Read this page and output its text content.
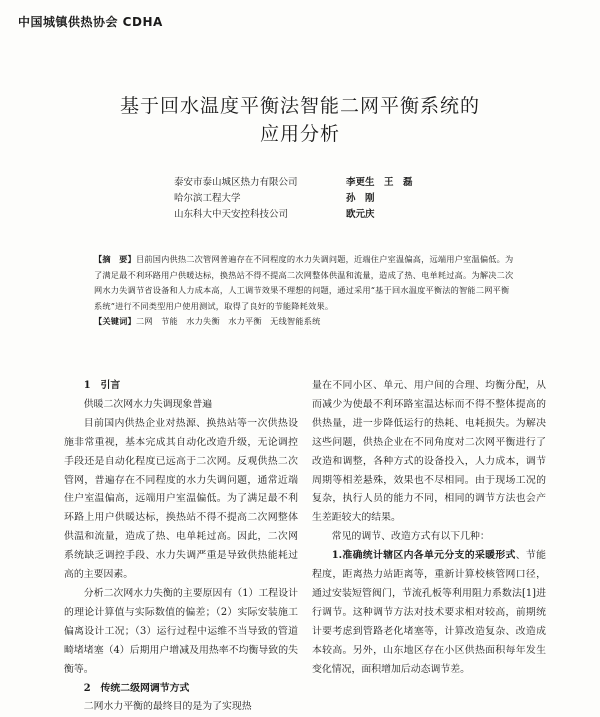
中国城镇供热协会 CDHA
基于回水温度平衡法智能二网平衡系统的
应用分析
泰安市泰山城区热力有限公司	李更生　王　磊
哈尔滨工程大学	孙　刚
山东科大中天安控科技公司	欧元庆
【摘　要】目前国内供热二次管网普遍存在不同程度的水力失调问题，近端住户室温偏高，远端用户室温偏低。为了满足最不利环路用户供暖达标，换热站不得不提高二次网整体供温和流量，造成了热、电单耗过高。为解决二次网水力失调节省设备和人力成本高，人工调节效果不理想的问题，通过采用“基于回水温度平衡法的智能二网平衡系统”进行不同类型用户使用测试，取得了良好的节能降耗效果。
【关键词】二网　节能　水力失衡　水力平衡　无线智能系统

1　引言

供暖二次网水力失调现象普遍

目前国内供热企业对热源、换热站等一次供热设施非常重视，基本完成其自动化改造升级，无论调控手段还是自动化程度已远高于二次网。反观供热二次管网，普遍存在不同程度的水力失调问题，通常近端住户室温偏高，远端用户室温偏低。为了满足最不利环路上用户供暖达标，换热站不得不提高二次网整体供温和流量，造成了热、电单耗过高。因此，二次网系统缺乏调控手段、水力失调严重是导致供热能耗过高的主要因素。

分析二次网水力失衡的主要原因有（1）工程设计的理论计算值与实际数值的偏差；（2）实际安装施工偏离设计工况；（3）运行过程中运维不当导致的管道畸堵堵塞（4）后期用户增减及用热率不均衡导致的失衡等。

2　传统二级网调节方式

二网水力平衡的最终目的是为了实现热

量在不同小区、单元、用户间的合理、均衡分配，从而减少为使最不利环路室温达标而不得不整体提高的供热量，进一步降低运行的热耗、电耗损失。为解决这些问题，供热企业在不同角度对二次网平衡进行了改造和调整，各种方式的设备投入，人力成本，调节周期等相差悬殊，效果也不尽相同。由于现场工况的复杂，执行人员的能力不同，相同的调节方法也会产生差距较大的结果。

常见的调节、改造方式有以下几种：

1.准确统计辖区内各单元分支的采暖形式、节能程度，距离热力站距离等，重新计算校核管网口径，通过安装短管阀门，节流孔板等利用阻力系数法[1]进行调节。这种调节方法对技术要求相对较高，前期统计要考虑到管路老化堵塞等，计算改造复杂、改造成本较高。另外，山东地区存在小区供热面积每年发生变化情况，面积增加后动态调节差。
